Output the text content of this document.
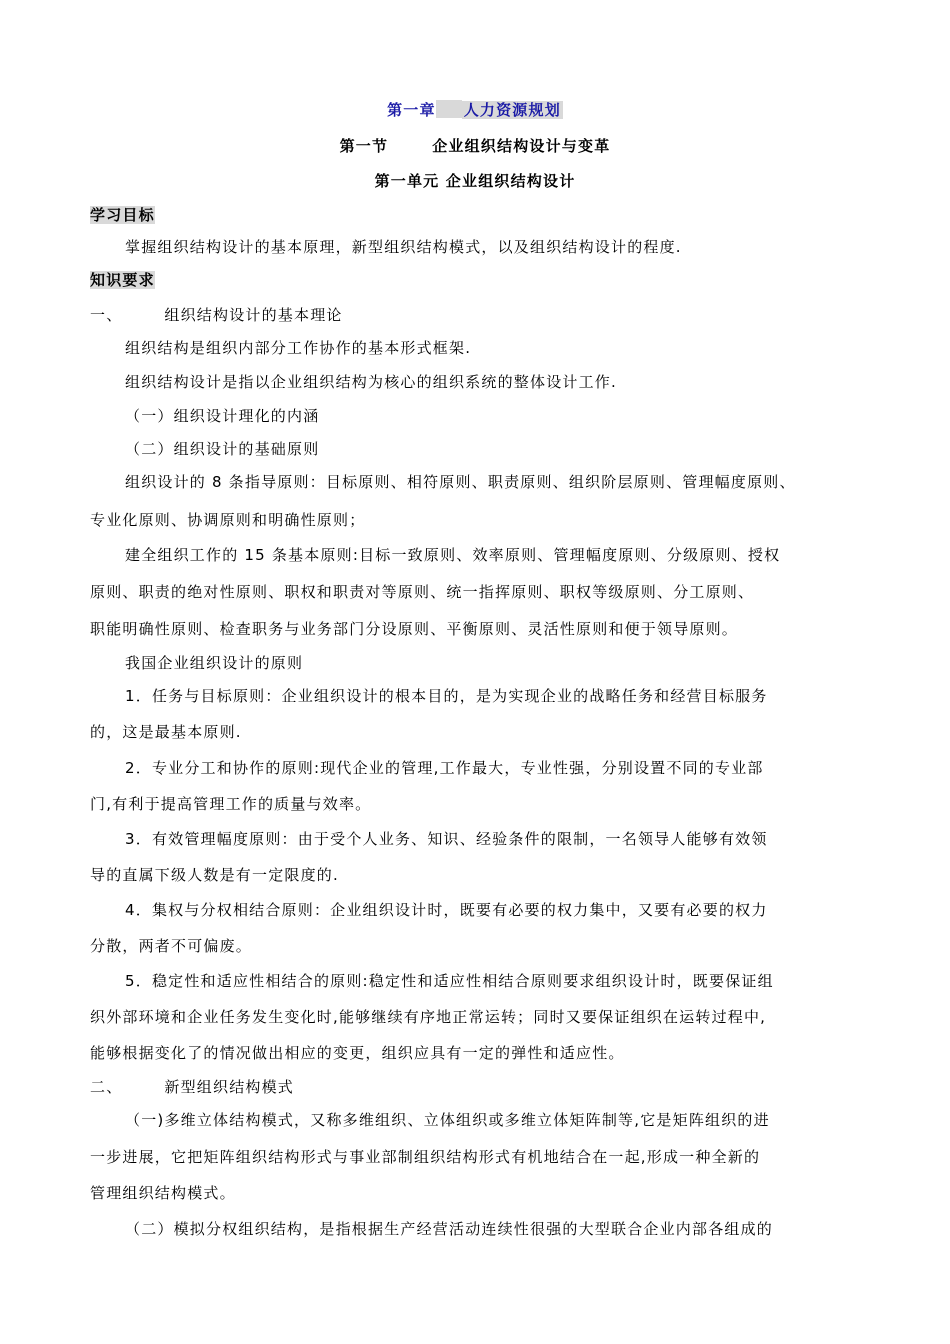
第一章 人力资源规划
第一节	企业组织结构设计与变革
第一单元 企业组织结构设计
学习目标
掌握组织结构设计的基本原理，新型组织结构模式，以及组织结构设计的程度.
知识要求
一、	组织结构设计的基本理论
组织结构是组织内部分工作协作的基本形式框架.
组织结构设计是指以企业组织结构为核心的组织系统的整体设计工作.
（一）组织设计理化的内涵
（二）组织设计的基础原则
组织设计的 8 条指导原则：目标原则、相符原则、职责原则、组织阶层原则、管理幅度原则、
专业化原则、协调原则和明确性原则；
建全组织工作的 15 条基本原则:目标一致原则、效率原则、管理幅度原则、分级原则、授权
原则、职责的绝对性原则、职权和职责对等原则、统一指挥原则、职权等级原则、分工原则、
职能明确性原则、检查职务与业务部门分设原则、平衡原则、灵活性原则和便于领导原则。
我国企业组织设计的原则
1．任务与目标原则：企业组织设计的根本目的，是为实现企业的战略任务和经营目标服务
的，这是最基本原则.
2．专业分工和协作的原则:现代企业的管理,工作最大，专业性强，分别设置不同的专业部
门,有利于提高管理工作的质量与效率。
3．有效管理幅度原则：由于受个人业务、知识、经验条件的限制，一名领导人能够有效领
导的直属下级人数是有一定限度的.
4．集权与分权相结合原则：企业组织设计时，既要有必要的权力集中，又要有必要的权力
分散，两者不可偏废。
5．稳定性和适应性相结合的原则:稳定性和适应性相结合原则要求组织设计时，既要保证组
织外部环境和企业任务发生变化时,能够继续有序地正常运转；同时又要保证组织在运转过程中,
能够根据变化了的情况做出相应的变更，组织应具有一定的弹性和适应性。
二、	新型组织结构模式
（一)多维立体结构模式，又称多维组织、立体组织或多维立体矩阵制等,它是矩阵组织的进
一步进展，它把矩阵组织结构形式与事业部制组织结构形式有机地结合在一起,形成一种全新的
管理组织结构模式。
（二）模拟分权组织结构，是指根据生产经营活动连续性很强的大型联合企业内部各组成的
